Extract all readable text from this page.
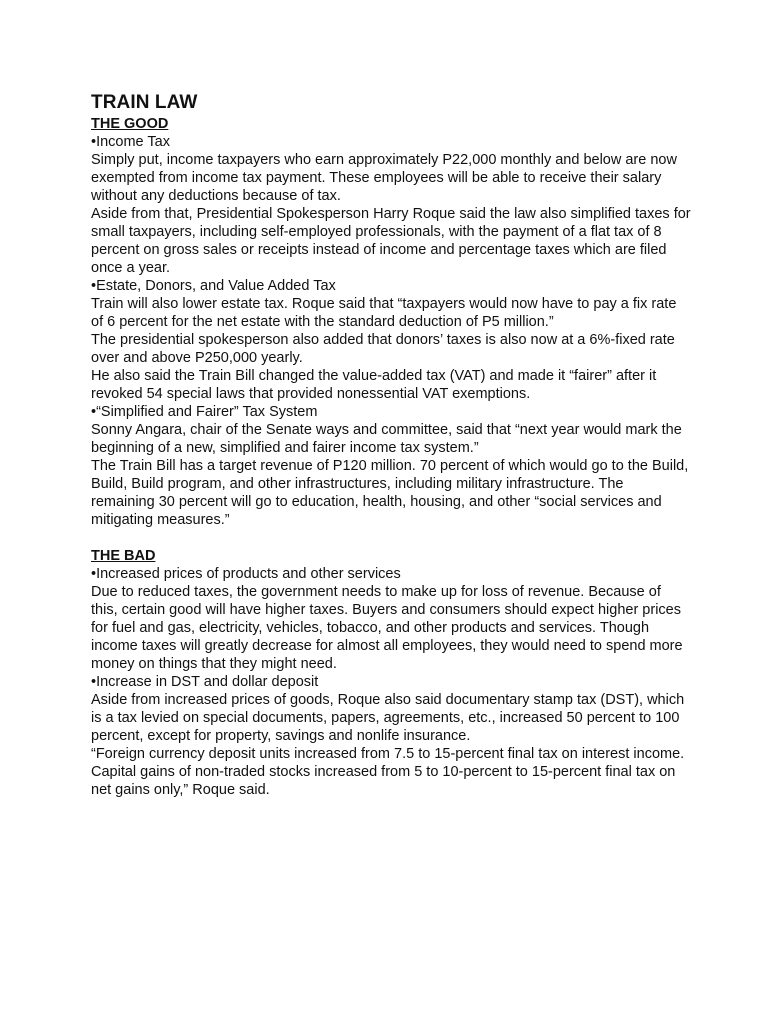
TRAIN LAW
THE GOOD
•Income Tax

Simply put, income taxpayers who earn approximately P22,000 monthly and below are now exempted from income tax payment. These employees will be able to receive their salary without any deductions because of tax.

Aside from that, Presidential Spokesperson Harry Roque said the law also simplified taxes for small taxpayers, including self-employed professionals, with the payment of a flat tax of 8 percent on gross sales or receipts instead of income and percentage taxes which are filed once a year.

•Estate, Donors, and Value Added Tax

Train will also lower estate tax. Roque said that “taxpayers would now have to pay a fix rate of 6 percent for the net estate with the standard deduction of P5 million.”

The presidential spokesperson also added that donors’ taxes is also now at a 6%-fixed rate over and above P250,000 yearly.

He also said the Train Bill changed the value-added tax (VAT) and made it “fairer” after it revoked 54 special laws that provided nonessential VAT exemptions.

•“Simplified and Fairer” Tax System

Sonny Angara, chair of the Senate ways and committee, said that “next year would mark the beginning of a new, simplified and fairer income tax system.”

The Train Bill has a target revenue of P120 million. 70 percent of which would go to the Build, Build, Build program, and other infrastructures, including military infrastructure. The remaining 30 percent will go to education, health, housing, and other “social services and mitigating measures.”

THE BAD
•Increased prices of products and other services

Due to reduced taxes, the government needs to make up for loss of revenue. Because of this, certain good will have higher taxes. Buyers and consumers should expect higher prices for fuel and gas, electricity, vehicles, tobacco, and other products and services. Though income taxes will greatly decrease for almost all employees, they would need to spend more money on things that they might need.

•Increase in DST and dollar deposit

Aside from increased prices of goods, Roque also said documentary stamp tax (DST), which is a tax levied on special documents, papers, agreements, etc., increased 50 percent to 100 percent, except for property, savings and nonlife insurance.

“Foreign currency deposit units increased from 7.5 to 15-percent final tax on interest income. Capital gains of non-traded stocks increased from 5 to 10-percent to 15-percent final tax on net gains only,” Roque said.
